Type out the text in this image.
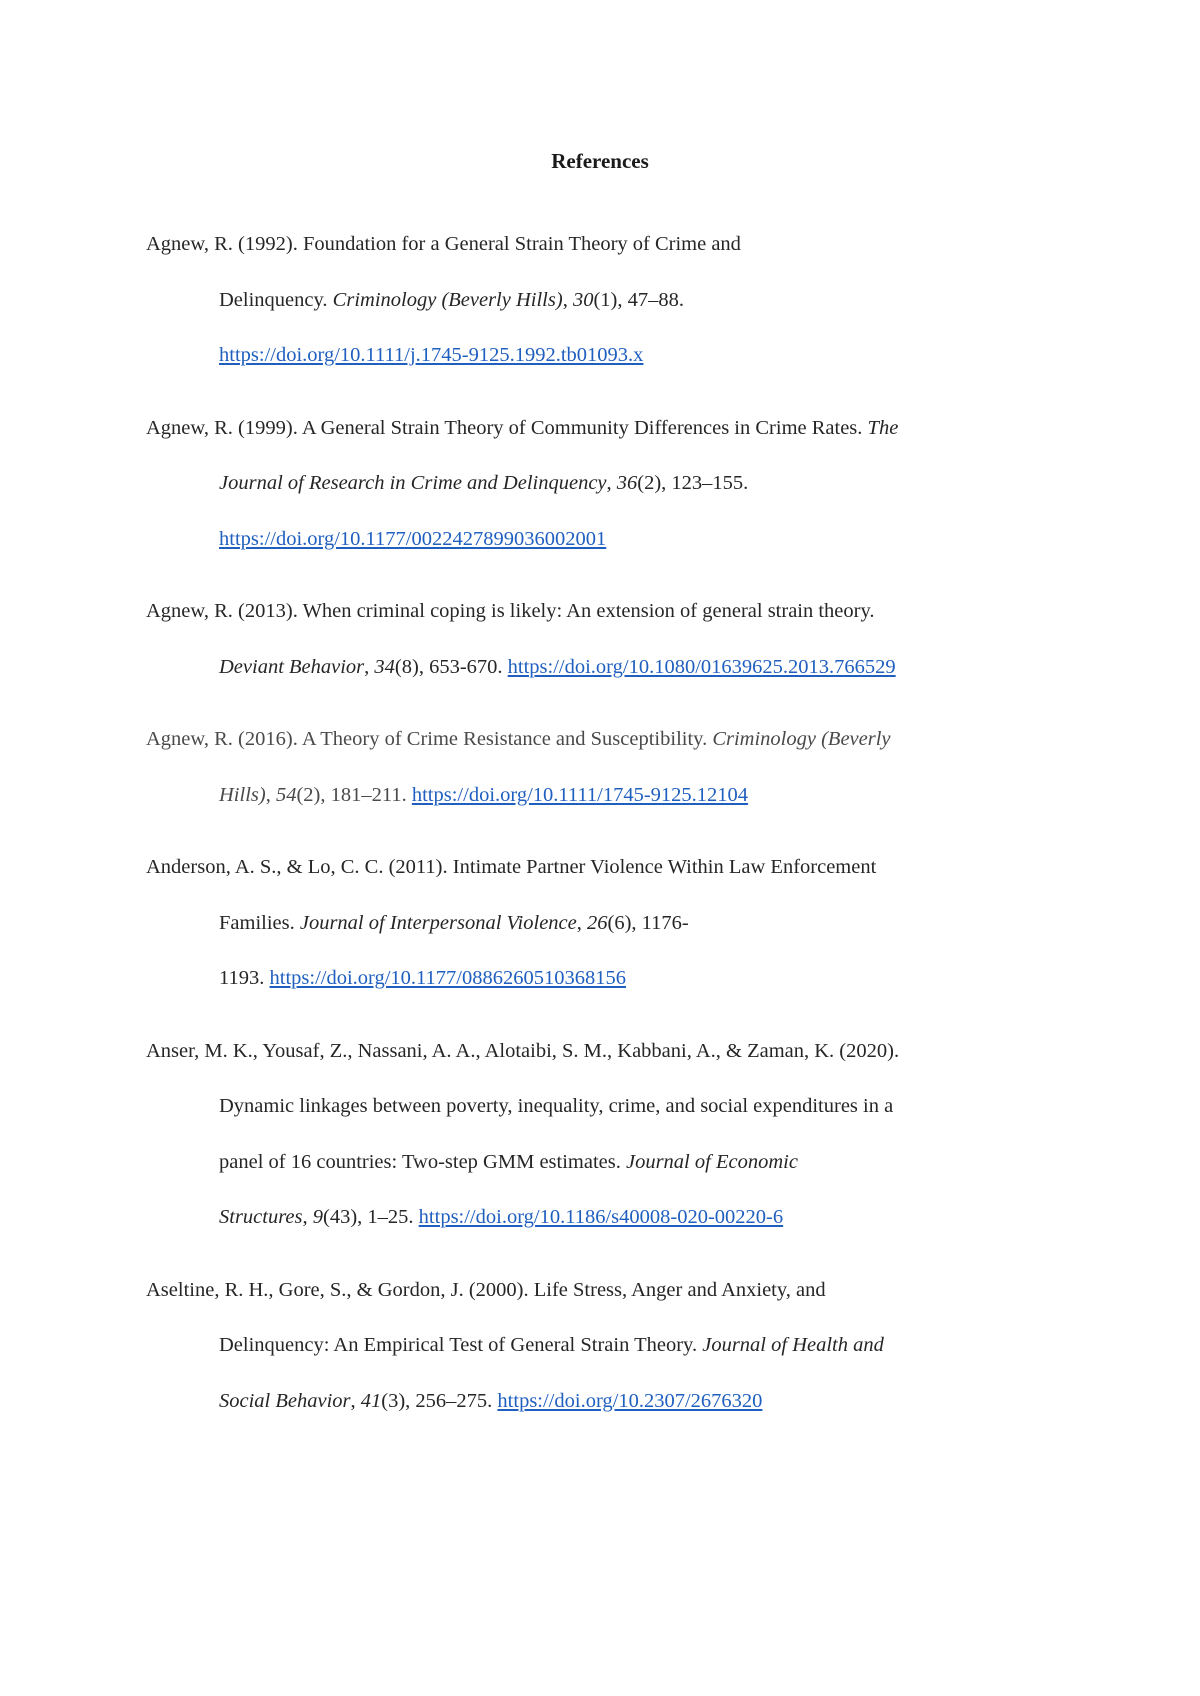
References

Agnew, R. (1992). Foundation for a General Strain Theory of Crime and
Delinquency. Criminology (Beverly Hills), 30(1), 47–88.
https://doi.org/10.1111/j.1745-9125.1992.tb01093.x

Agnew, R. (1999). A General Strain Theory of Community Differences in Crime Rates. The
Journal of Research in Crime and Delinquency, 36(2), 123–155.
https://doi.org/10.1177/0022427899036002001

Agnew, R. (2013). When criminal coping is likely: An extension of general strain theory.
Deviant Behavior, 34(8), 653-670. https://doi.org/10.1080/01639625.2013.766529

Agnew, R. (2016). A Theory of Crime Resistance and Susceptibility. Criminology (Beverly
Hills), 54(2), 181–211. https://doi.org/10.1111/1745-9125.12104

Anderson, A. S., & Lo, C. C. (2011). Intimate Partner Violence Within Law Enforcement
Families. Journal of Interpersonal Violence, 26(6), 1176-
1193. https://doi.org/10.1177/0886260510368156

Anser, M. K., Yousaf, Z., Nassani, A. A., Alotaibi, S. M., Kabbani, A., & Zaman, K. (2020).
Dynamic linkages between poverty, inequality, crime, and social expenditures in a
panel of 16 countries: Two-step GMM estimates. Journal of Economic
Structures, 9(43), 1–25. https://doi.org/10.1186/s40008-020-00220-6

Aseltine, R. H., Gore, S., & Gordon, J. (2000). Life Stress, Anger and Anxiety, and
Delinquency: An Empirical Test of General Strain Theory. Journal of Health and
Social Behavior, 41(3), 256–275. https://doi.org/10.2307/2676320
